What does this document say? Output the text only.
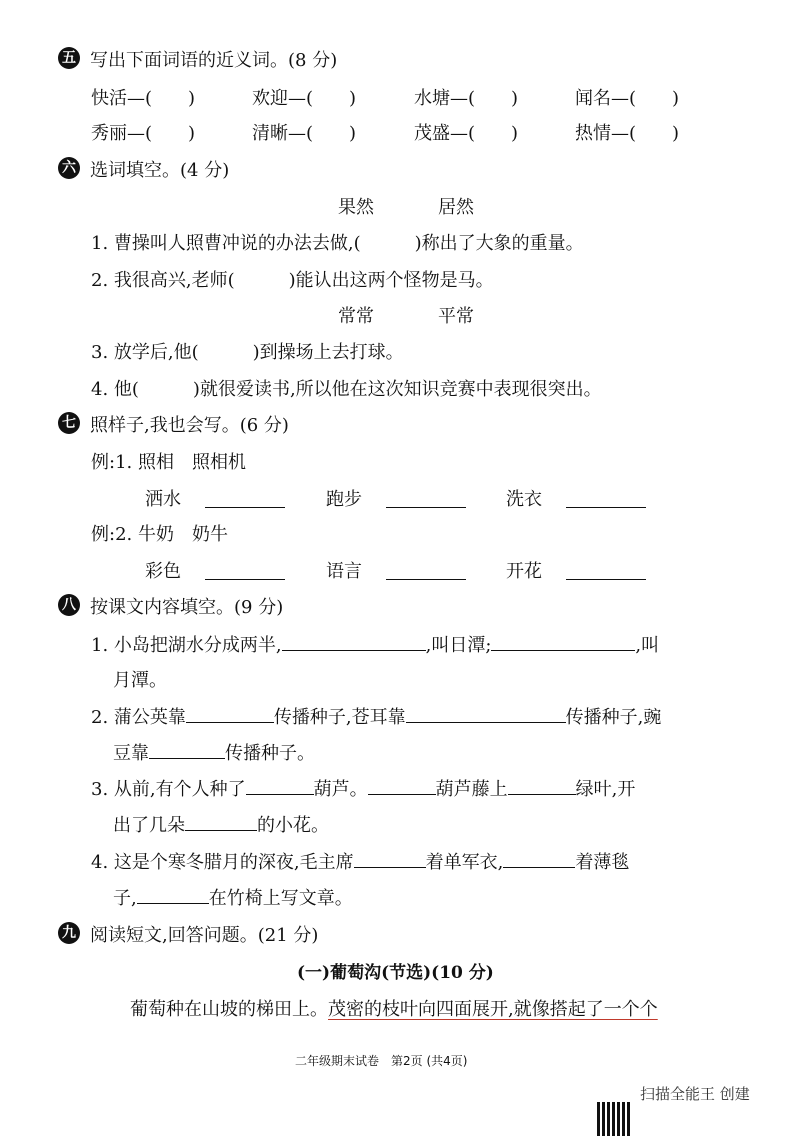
五 写出下面词语的近义词。(8 分)
快活—(　　)	欢迎—(　　)	水塘—(　　)	闻名—(　　)
秀丽—(　　)	清晰—(　　)	茂盛—(　　)	热情—(　　)
六 选词填空。(4 分)
果然	居然
1. 曹操叫人照曹冲说的办法去做,(　　　)称出了大象的重量。
2. 我很高兴,老师(　　　)能认出这两个怪物是马。
常常	平常
3. 放学后,他(　　　)到操场上去打球。
4. 他(　　　)就很爱读书,所以他在这次知识竞赛中表现很突出。
七 照样子,我也会写。(6 分)
例:1. 照相　照相机
洒水	跑步	洗衣
例:2. 牛奶　奶牛
彩色	语言	开花
八 按课文内容填空。(9 分)
1. 小岛把湖水分成两半,	,叫日潭;	,叫
月潭。
2. 蒲公英靠	传播种子,苍耳靠	传播种子,豌
豆靠	传播种子。
3. 从前,有个人种了	葫芦。	葫芦藤上	绿叶,开
出了几朵	的小花。
4. 这是个寒冬腊月的深夜,毛主席	着单军衣,	着薄毯
子,	在竹椅上写文章。
九 阅读短文,回答问题。(21 分)
(一)葡萄沟(节选)(10 分)
葡萄种在山坡的梯田上。茂密的枝叶向四面展开,就像搭起了一个个
二年级期末试卷　第2页 (共4页)
扫描全能王 创建
